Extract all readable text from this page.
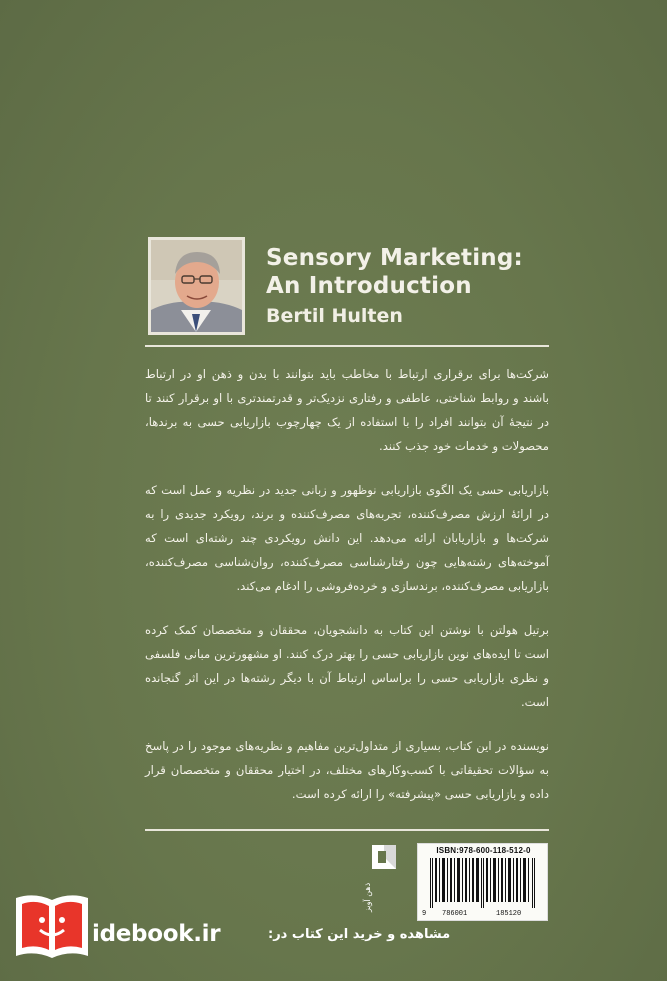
Sensory Marketing:
An Introduction
Bertil Hulten

شرکت‌ها برای برقراری ارتباط با مخاطب باید بتوانند با بدن و ذهن او در ارتباط باشند و روابط شناختی، عاطفی و رفتاری نزدیک‌تر و قدرتمندتری با او برقرار کنند تا در نتیجهٔ آن بتوانند افراد را با استفاده از یک چهارچوب بازاریابی حسی به برندها، محصولات و خدمات خود جذب کنند.

بازاریابی حسی یک الگوی بازاریابی نوظهور و زبانی جدید در نظریه و عمل است که در ارائهٔ ارزش مصرف‌کننده، تجربه‌های مصرف‌کننده و برند، رویکرد جدیدی را به شرکت‌ها و بازاریابان ارائه می‌دهد. این دانش رویکردی چند رشته‌ای است که آموخته‌های رشته‌هایی چون رفتارشناسی مصرف‌کننده، روان‌شناسی مصرف‌کننده، بازاریابی مصرف‌کننده، برندسازی و خرده‌فروشی را ادغام می‌کند.

برتیل هولتن با نوشتن این کتاب به دانشجویان، محققان و متخصصان کمک کرده است تا ایده‌های نوین بازاریابی حسی را بهتر درک کنند. او مشهورترین مبانی فلسفی و نظری بازاریابی حسی را براساس ارتباط آن با دیگر رشته‌ها در این اثر گنجانده است.

نویسنده در این کتاب، بسیاری از متداول‌ترین مفاهیم و نظریه‌های موجود را در پاسخ به سؤالات تحقیقاتی با کسب‌وکارهای مختلف، در اختیار محققان و متخصصان قرار داده و بازاریابی حسی «پیشرفته» را ارائه کرده است.

ISBN:978-600-118-512-0
9 786001	185120
ذهن آویز
idebook.ir	مشاهده و خرید این کتاب در:
